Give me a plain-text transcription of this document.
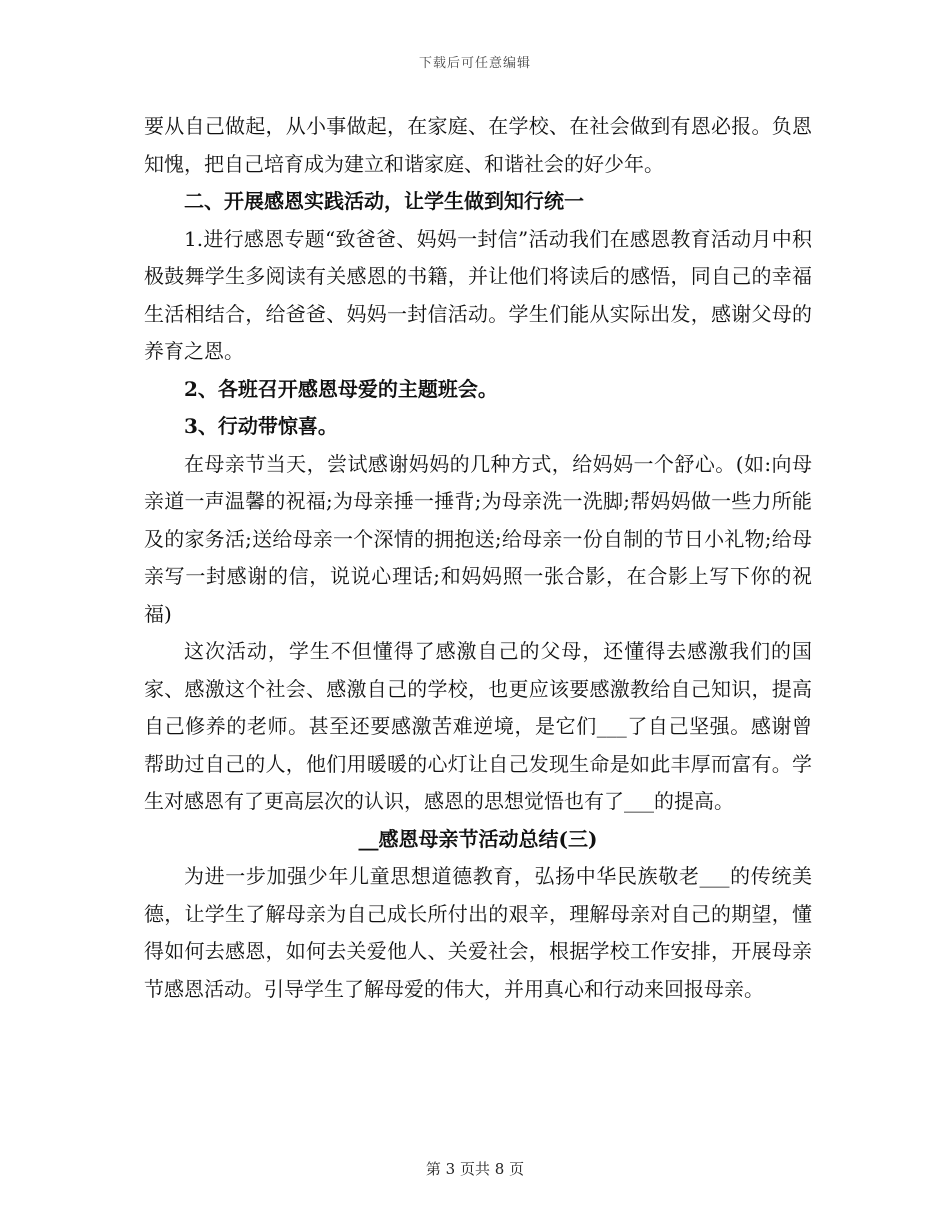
下载后可任意编辑

要从自己做起，从小事做起，在家庭、在学校、在社会做到有恩必报。负恩知愧，把自己培育成为建立和谐家庭、和谐社会的好少年。

二、开展感恩实践活动，让学生做到知行统一

1.进行感恩专题“致爸爸、妈妈一封信”活动我们在感恩教育活动月中积极鼓舞学生多阅读有关感恩的书籍，并让他们将读后的感悟，同自己的幸福生活相结合，给爸爸、妈妈一封信活动。学生们能从实际出发，感谢父母的养育之恩。

2、各班召开感恩母爱的主题班会。

3、行动带惊喜。

在母亲节当天，尝试感谢妈妈的几种方式，给妈妈一个舒心。(如:向母亲道一声温馨的祝福;为母亲捶一捶背;为母亲洗一洗脚;帮妈妈做一些力所能及的家务活;送给母亲一个深情的拥抱送;给母亲一份自制的节日小礼物;给母亲写一封感谢的信，说说心理话;和妈妈照一张合影，在合影上写下你的祝福)

这次活动，学生不但懂得了感激自己的父母，还懂得去感激我们的国家、感激这个社会、感激自己的学校，也更应该要感激教给自己知识，提高自己修养的老师。甚至还要感激苦难逆境，是它们___了自己坚强。感谢曾帮助过自己的人，他们用暖暖的心灯让自己发现生命是如此丰厚而富有。学生对感恩有了更高层次的认识，感恩的思想觉悟也有了___的提高。

__感恩母亲节活动总结(三)

为进一步加强少年儿童思想道德教育，弘扬中华民族敬老___的传统美德，让学生了解母亲为自己成长所付出的艰辛，理解母亲对自己的期望，懂得如何去感恩，如何去关爱他人、关爱社会，根据学校工作安排，开展母亲节感恩活动。引导学生了解母爱的伟大，并用真心和行动来回报母亲。

第 3 页共 8 页
